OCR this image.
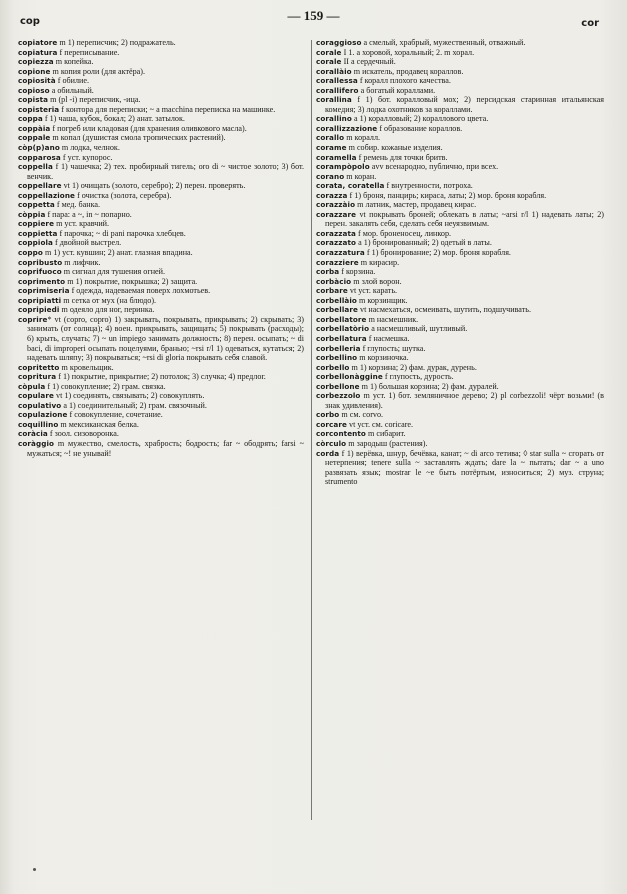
cop	— 159 —
cor

copiatore m 1) переписчик; 2) подражатель.

copiatura f переписывание.

copiezza m копейка.

copione m копия роли (для актёра).

copiosità f обилие.

copioso a обильный.

copista m (pl -i) переписчик, -ица.

copisteria f контора для переписки; ~ a macchina переписка на машинке.

coppa f 1) чаша, кубок, бокал; 2) анат. затылок.

coppàia f погреб или кладовая (для хранения оливкового масла).

coppale m копал (душистая смола тропических растений).

còp(p)ano m лодка, челнок.

copparosa f уст. купорос.

coppella f 1) чашечка; 2) тех. пробирный тигель; oro di ~ чистое золото; 3) бот. венчик.

coppellare vt 1) очищать (золото, серебро); 2) перен. проверять.

coppellazione f очистка (золота, серебра).

coppetta f мед. банка.

còppia f пара: a ~, in ~ попарно.

coppiere m уст. кравчий.

coppietta f парочка; ~ di pani парочка хлебцев.

coppiola f двойной выстрел.

coppo m 1) уст. кувшин; 2) анат. глазная впадина.

copribusto m лифчик.

coprifuoco m сигнал для тушения огней.

coprimento m 1) покрытие, покрышка; 2) защита.

coprimiseria f одежда, надеваемая поверх лохмотьев.

copripiatti m сетка от мух (на блюдо).

copripiedi m одеяло для ног, перинка.

coprire* vt (copro, coprо) 1) закрывать, покрывать, прикрывать; 2) скрывать; 3) занимать (от солнца); 4) воен. прикрывать, защищать; 5) покрывать (расходы); 6) крыть, случать; 7) ~ un impiego занимать должность; 8) перен. осыпать; ~ di baci, di improperi осыпать поцелуями, бранью; ~rsi r/l 1) одеваться, кутаться; 2) надевать шляпу; 3) покрываться; ~rsi di gloria покрывать себя славой.

copritetto m кровельщик.

copritura f 1) покрытие, прикрытие; 2) потолок; 3) случка; 4) предлог.

còpula f 1) совокупление; 2) грам. связка.

copulare vt 1) соединять, связывать; 2) совокуплять.

copulativo a 1) соединительный; 2) грам. связочный.

copulazione f совокупление, сочетание.

coquillino m мексиканская белка.

coràcia f зоол. сизоворонка.

coràggio m мужество, смелость, храбрость; бодрость; far ~ ободрять; farsi ~ мужаться; ~! не унывай!

coraggioso a смелый, храбрый, мужественный, отважный.

corale I 1. a хоровой, хоральный; 2. m хорал.

corale II a сердечный.

corallàio m искатель, продавец кораллов.

corallessa f коралл плохого качества.

corallifero a богатый кораллами.

corallina f 1) бот. коралловый мох; 2) персидская старинная итальянская комедия; 3) лодка охотников за кораллами.

corallino a 1) коралловый; 2) кораллового цвета.

corallizzazione f образование кораллов.

corallo m коралл.

corame m собир. кожаные изделия.

coramella f ремень для точки бритв.

corampòpolo avv всенародно, публично, при всех.

corano m коран.

corata, coratella f внутренности, потроха.

corazza f 1) броня, панцирь; кираса, латы; 2) мор. броня корабля.

corazzàio m латник, мастер, продавец кирас.

corazzare vt покрывать броней; облекать в латы; ~arsi r/l 1) надевать латы; 2) перен. закалять себя, сделать себя неуязвимым.

corazzata f мор. броненосец, линкор.

corazzato a 1) бронированный; 2) одетый в латы.

corazzatura f 1) бронирование; 2) мор. броня корабля.

corazziere m кирасир.

corba f корзина.

corbàcio m злой ворон.

corbare vt уст. карать.

corbellàio m корзинщик.

corbellare vt насмехаться, осмеивать, шутить, подшучивать.

corbellatore m насмешник.

corbellatòrio a насмешливый, шутливый.

corbellatura f насмешка.

corbelleria f глупость; шутка.

corbellino m корзиночка.

corbello m 1) корзина; 2) фам. дурак, дурень.

corbellonàggine f глупость, дурость.

corbellone m 1) большая корзина; 2) фам. дуралей.

corbezzolo m уст. 1) бот. земляничное дерево; 2) pl corbezzoli! чёрт возьми! (в знак удивления).

corbo m см. corvo.

corcare vt уст. см. coricare.

corcontento m сибарит.

còrculo m зародыш (растения).

corda f 1) верёвка, шнур, бечёвка, канат; ~ di arco тетива; ◊ star sulla ~ сгорать от нетерпения; tenere sulla ~ заставлять ждать; dare la ~ пытать; dar ~ a uno развязать язык; mostrar le ~e быть потёртым, износиться; 2) муз. струна; strumento
